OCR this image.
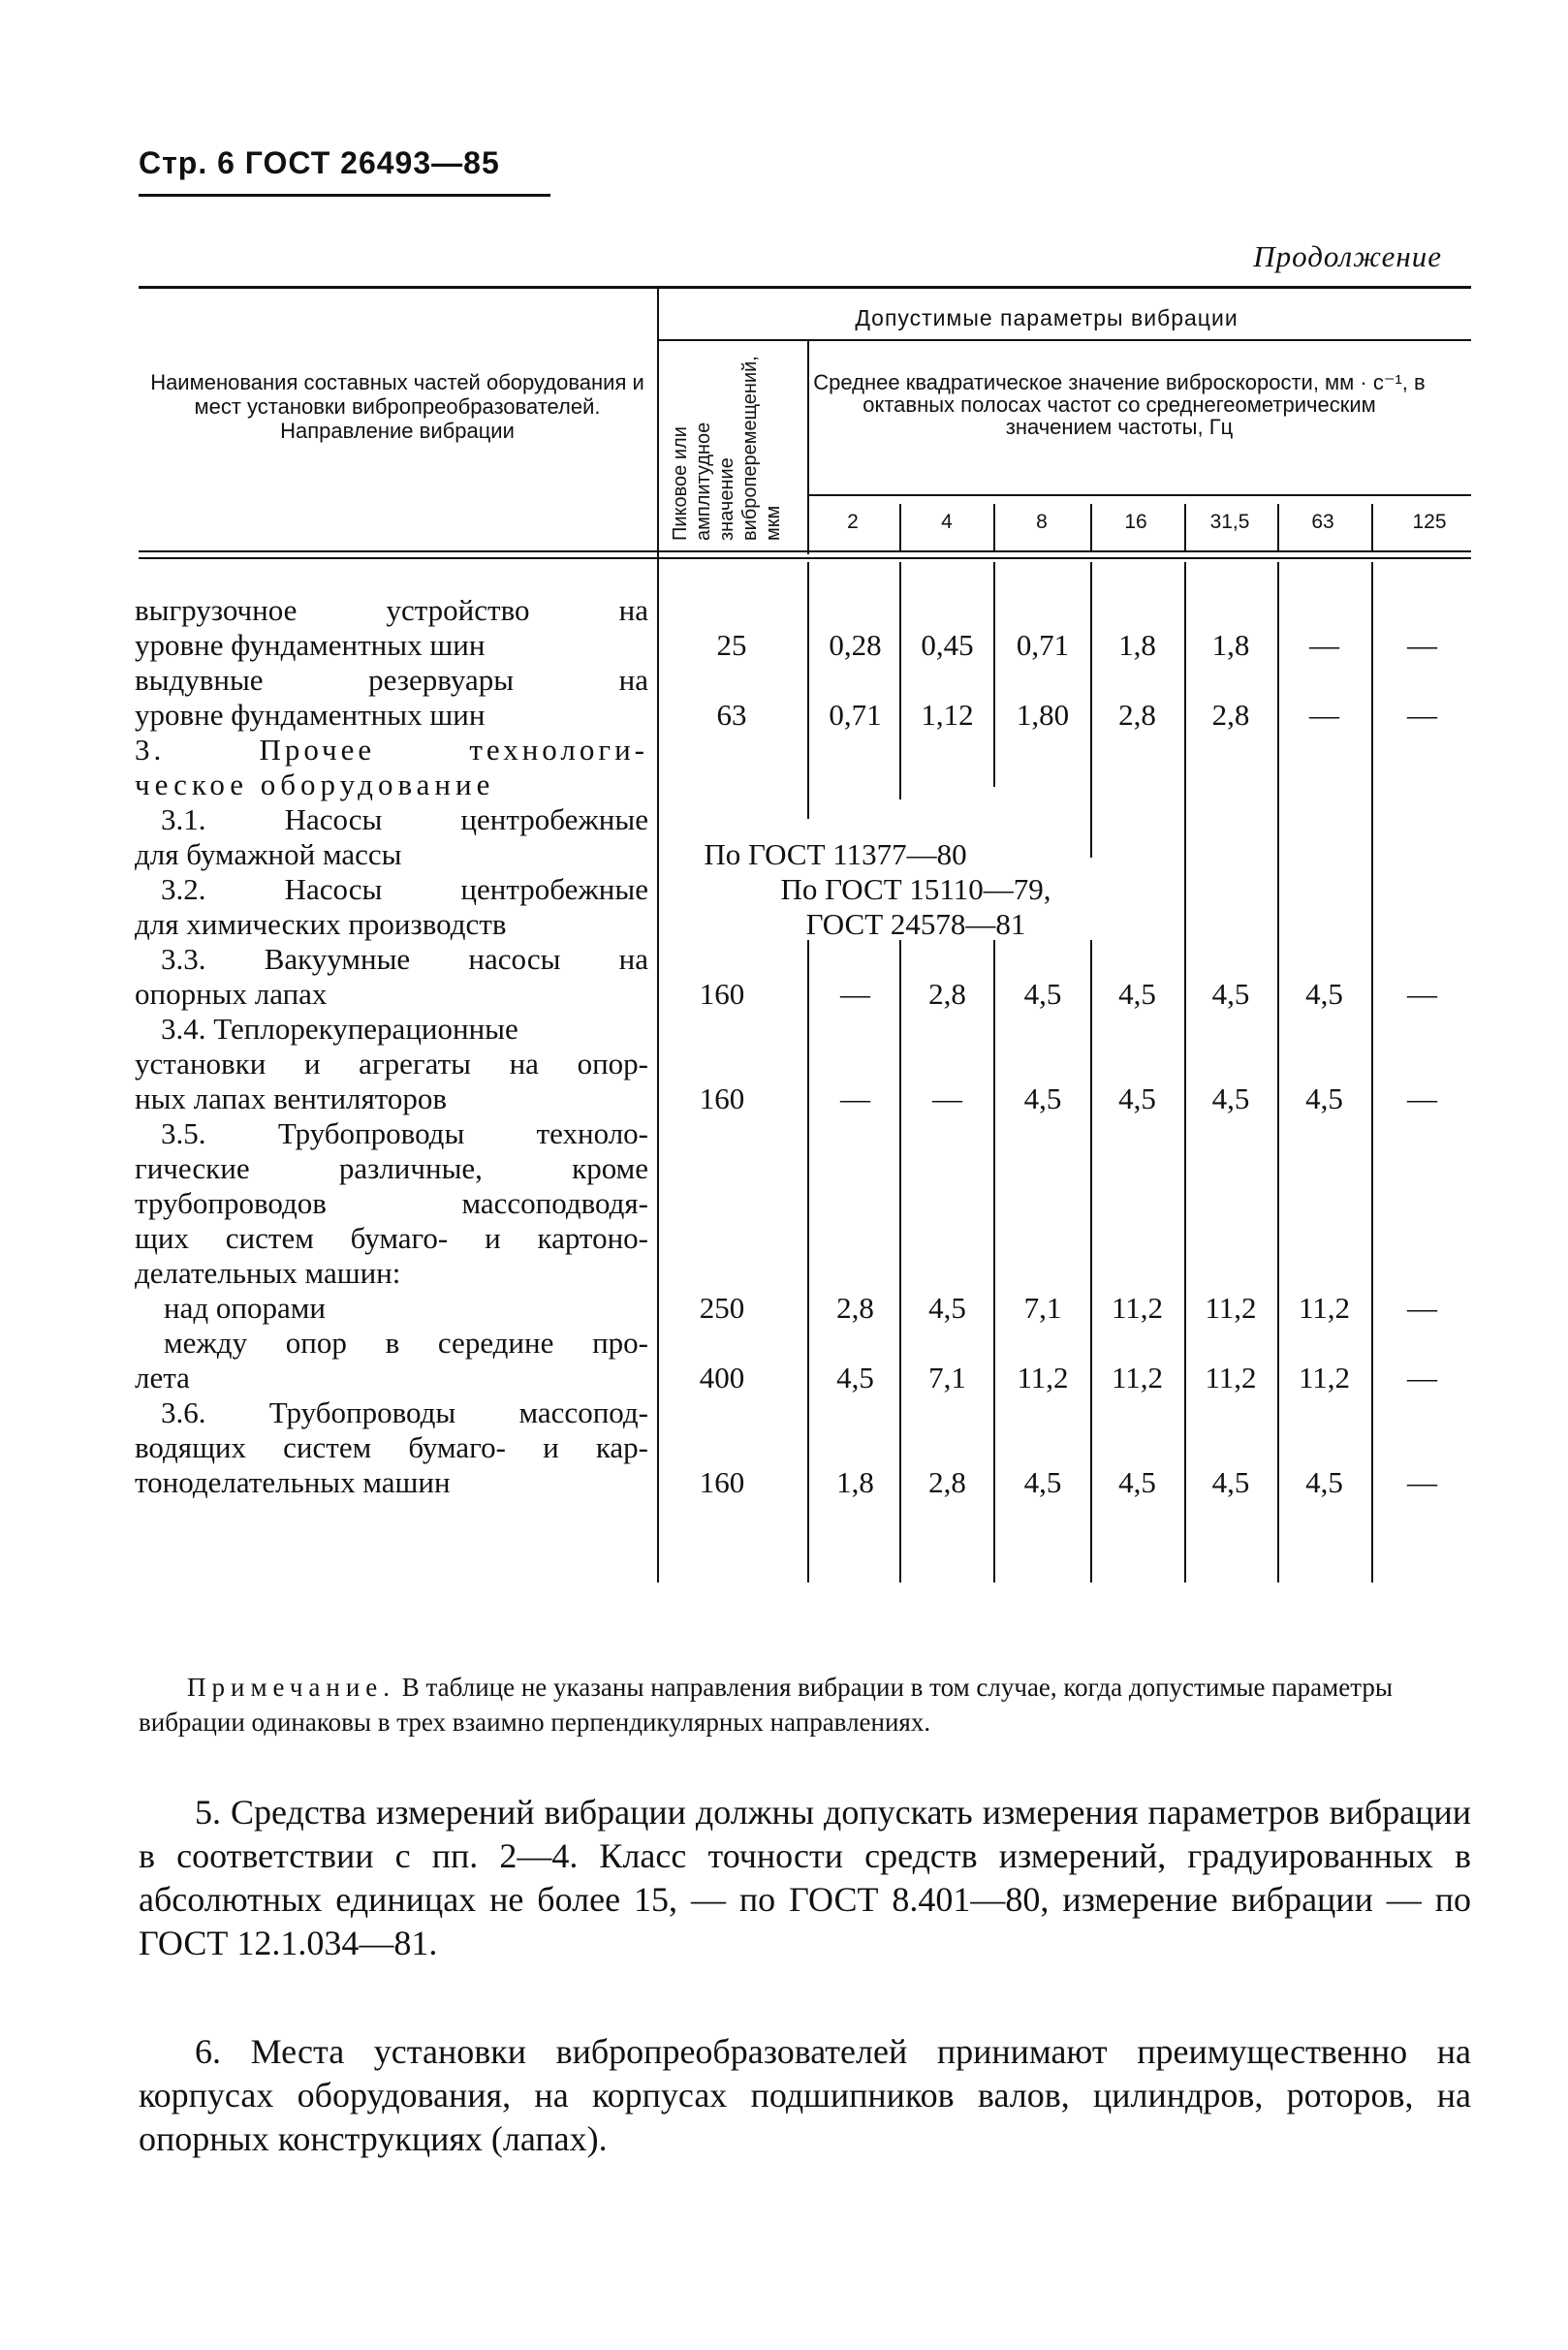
Стр. 6 ГОСТ 26493—85
Продолжение
Допустимые параметры вибрации
Наименования составных частей оборудования и мест установки вибропреобразователей. Направление вибрации
Среднее квадратическое значение виброскорости, мм · с⁻¹, в октавных полосах частот со среднегеометрическим значением частоты, Гц
Пиковое или амплитудное значение виброперемещений, мкм	2	4	8	16	31,5	63	125
выгрузочное устройство на
уровне фундаментных шин	25	0,28	0,45	0,71	1,8	1,8	—	—
выдувные резервуары на
уровне фундаментных шин	63	0,71	1,12	1,80	2,8	2,8	—	—
3. Прочее технологи-
ческое оборудование
3.1. Насосы центробежные
для бумажной массы	По ГОСТ 11377—80
3.2. Насосы центробежные
для химических производств
По ГОСТ 15110—79,
ГОСТ 24578—81
3.3. Вакуумные насосы на
опорных лапах	160	—	2,8	4,5	4,5	4,5	4,5	—
3.4. Теплорекуперационные
установки и агрегаты на опор-
ных лапах вентиляторов	160	—	—	4,5	4,5	4,5	4,5	—
3.5. Трубопроводы техноло-
гические различные, кроме
трубопроводов массоподводя-
щих систем бумаго- и картоно-
делательных машин:
над опорами	250	2,8	4,5	7,1	11,2	11,2	11,2	—
между опор в середине про-
лета	400	4,5	7,1	11,2	11,2	11,2	11,2	—
3.6. Трубопроводы массопод-
водящих систем бумаго- и кар-
тоноделательных машин	160	1,8	2,8	4,5	4,5	4,5	4,5	—
Примечание. В таблице не указаны направления вибрации в том случае, когда допустимые параметры вибрации одинаковы в трех взаимно перпендикулярных направлениях.
5. Средства измерений вибрации должны допускать измерения параметров вибрации в соответствии с пп. 2—4. Класс точности средств измерений, градуированных в абсолютных единицах не более 15, — по ГОСТ 8.401—80, измерение вибрации — по ГОСТ 12.1.034—81.
6. Места установки вибропреобразователей принимают преимущественно на корпусах оборудования, на корпусах подшипников валов, цилиндров, роторов, на опорных конструкциях (лапах).
